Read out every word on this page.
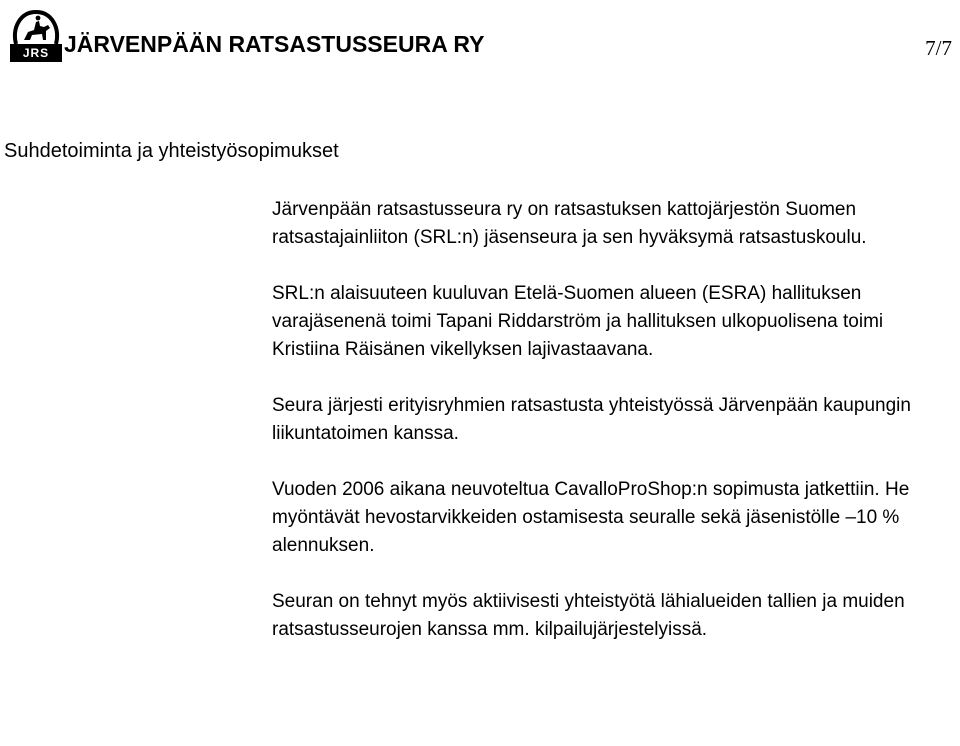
JRS JÄRVENPÄÄN RATSASTUSSEURA RY	7/7
Suhdetoiminta ja yhteistyösopimukset

Järvenpään ratsastusseura ry on ratsastuksen kattojärjestön Suomen ratsastajainliiton (SRL:n) jäsenseura ja sen hyväksymä ratsastuskoulu.

SRL:n alaisuuteen kuuluvan Etelä-Suomen alueen (ESRA) hallituksen varajäsenenä toimi Tapani Riddarström ja hallituksen ulkopuolisena toimi Kristiina Räisänen vikellyksen lajivastaavana.

Seura järjesti erityisryhmien ratsastusta yhteistyössä Järvenpään kaupungin liikuntatoimen kanssa.

Vuoden 2006 aikana neuvoteltua CavalloProShop:n sopimusta jatkettiin. He myöntävät hevostarvikkeiden ostamisesta seuralle sekä jäsenistölle –10 % alennuksen.

Seuran on tehnyt myös aktiivisesti yhteistyötä lähialueiden tallien ja muiden ratsastusseurojen kanssa mm. kilpailujärjestelyissä.
